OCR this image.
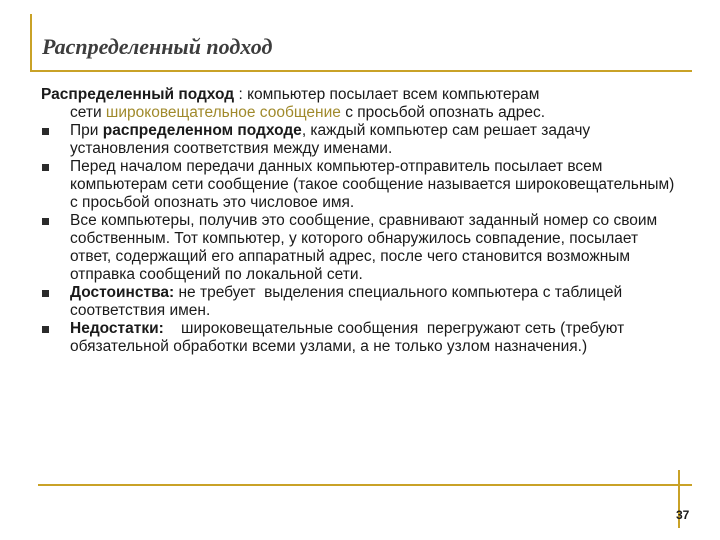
Распределенный подход

Распределенный подход : компьютер посылает всем компьютерам
сети широковещательное сообщение с просьбой опознать адрес.

При распределенном подходе, каждый компьютер сам решает задачу установления соответствия между именами.
Перед началом передачи данных компьютер-отправитель посылает всем компьютерам сети сообщение (такое сообщение называется широковещательным) с просьбой опознать это числовое имя.
Все компьютеры, получив это сообщение, сравнивают заданный номер со своим собственным. Тот компьютер, у которого обнаружилось совпадение, посылает ответ, содержащий его аппаратный адрес, после чего становится возможным отправка сообщений по локальной сети.
Достоинства: не требует  выделения специального компьютера с таблицей соответствия имен.
Недостатки:    широковещательные сообщения  перегружают сеть (требуют обязательной обработки всеми узлами, а не только узлом назначения.)
37
